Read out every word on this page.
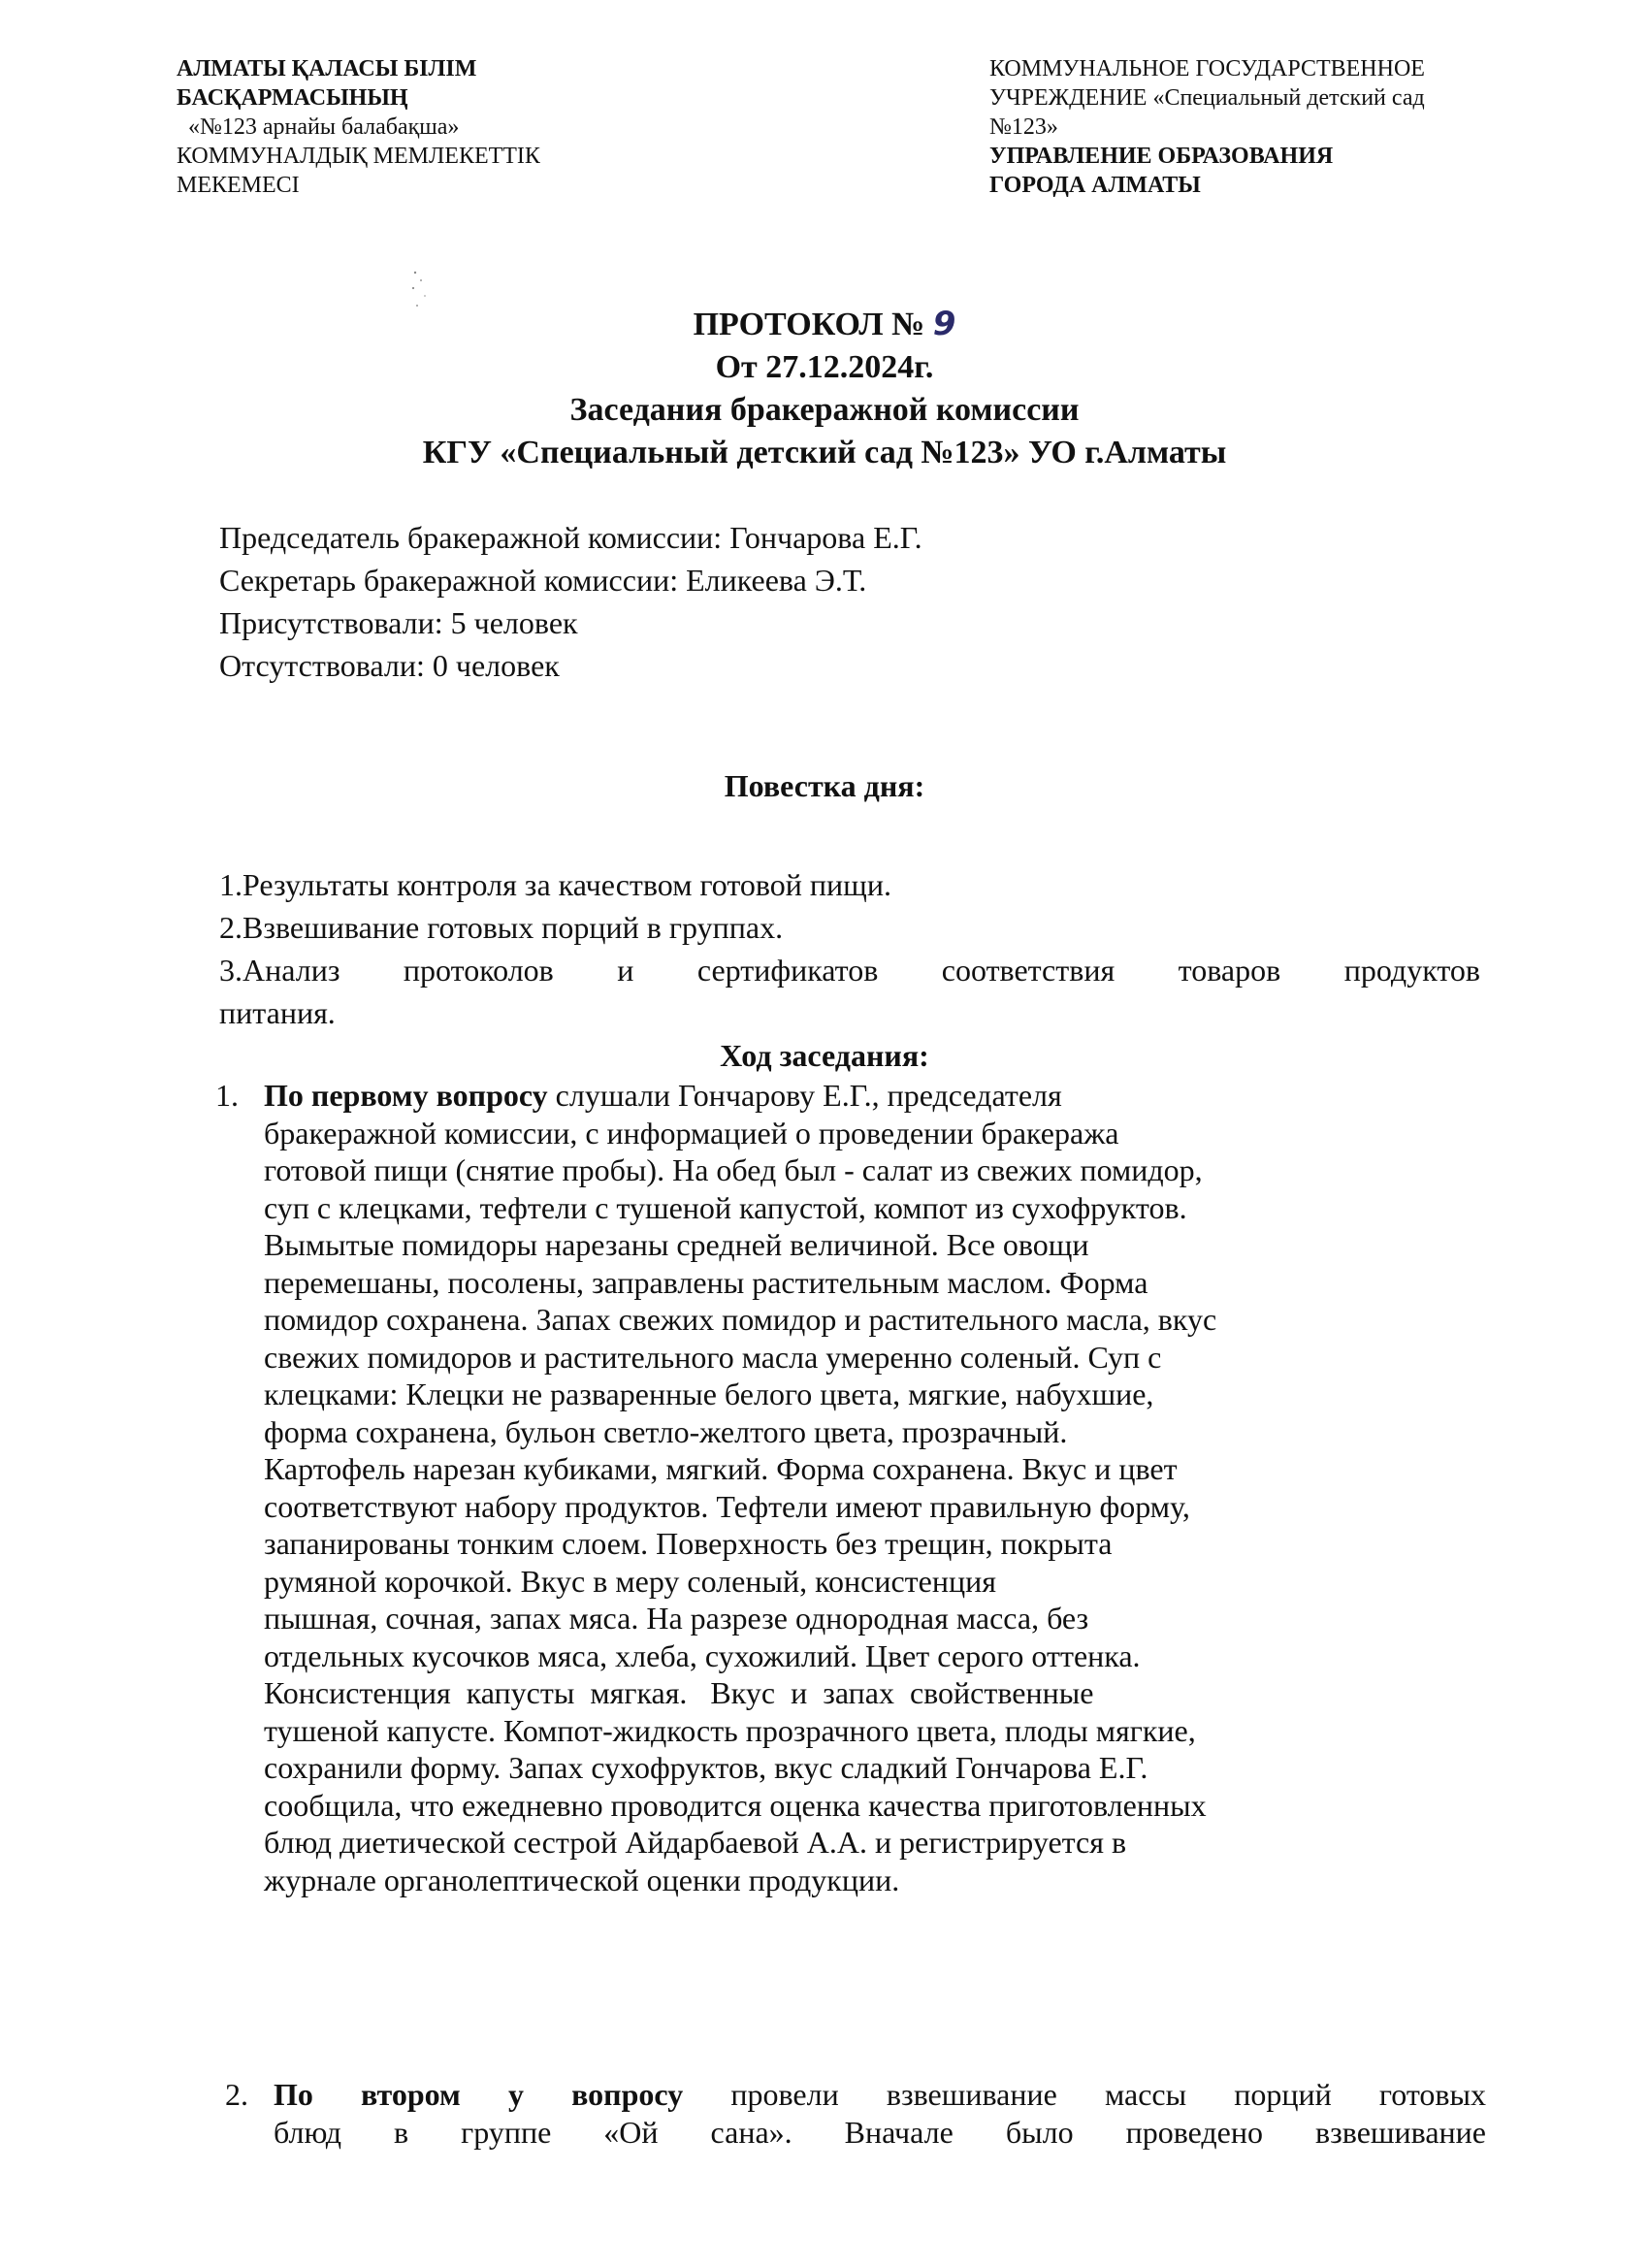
АЛМАТЫ ҚАЛАСЫ БІЛІМ
БАСҚАРМАСЫНЫҢ
«№123 арнайы балабақша»
КОММУНАЛДЫҚ МЕМЛЕКЕТТІК
МЕКЕМЕСІ
КОММУНАЛЬНОЕ ГОСУДАРСТВЕННОЕ
УЧРЕЖДЕНИЕ «Специальный детский сад
№123»
УПРАВЛЕНИЕ ОБРАЗОВАНИЯ
ГОРОДА АЛМАТЫ
ПРОТОКОЛ № 9
От 27.12.2024г.
Заседания бракеражной комиссии
КГУ «Специальный детский сад №123» УО г.Алматы
Председатель бракеражной комиссии: Гончарова Е.Г.
Секретарь бракеражной комиссии: Еликеева Э.Т.
Присутствовали: 5 человек
Отсутствовали: 0 человек
Повестка дня:
1.Результаты контроля за качеством готовой пищи.
2.Взвешивание готовых порций в группах.
3.Анализ протоколов и сертификатов соответствия товаров продуктов
питания.
Ход заседания:
1. По первому вопросу слушали Гончарову Е.Г., председателя
бракеражной комиссии, с информацией о проведении бракеража
готовой пищи (снятие пробы). На обед был - салат из свежих помидор,
суп с клецками, тефтели с тушеной капустой, компот из сухофруктов.
Вымытые помидоры нарезаны средней величиной. Все овощи
перемешаны, посолены, заправлены растительным маслом. Форма
помидор сохранена. Запах свежих помидор и растительного масла, вкус
свежих помидоров и растительного масла умеренно соленый. Суп с
клецками: Клецки не разваренные белого цвета, мягкие, набухшие,
форма сохранена, бульон светло-желтого цвета, прозрачный.
Картофель нарезан кубиками, мягкий. Форма сохранена. Вкус и цвет
соответствуют набору продуктов. Тефтели имеют правильную форму,
запанированы тонким слоем. Поверхность без трещин, покрыта
румяной корочкой. Вкус в меру соленый, консистенция
пышная, сочная, запах мяса. На разрезе однородная масса, без
отдельных кусочков мяса, хлеба, сухожилий. Цвет серого оттенка.
Консистенция  капусты  мягкая.   Вкус  и  запах  свойственные
тушеной капусте. Компот-жидкость прозрачного цвета, плоды мягкие,
сохранили форму. Запах сухофруктов, вкус сладкий Гончарова Е.Г.
сообщила, что ежедневно проводится оценка качества приготовленных
блюд диетической сестрой Айдарбаевой А.А. и регистрируется в
журнале органолептической оценки продукции.
2. По втором у вопросу провели взвешивание массы порций готовых
блюд в группе «Ой сана». Вначале было проведено взвешивание
